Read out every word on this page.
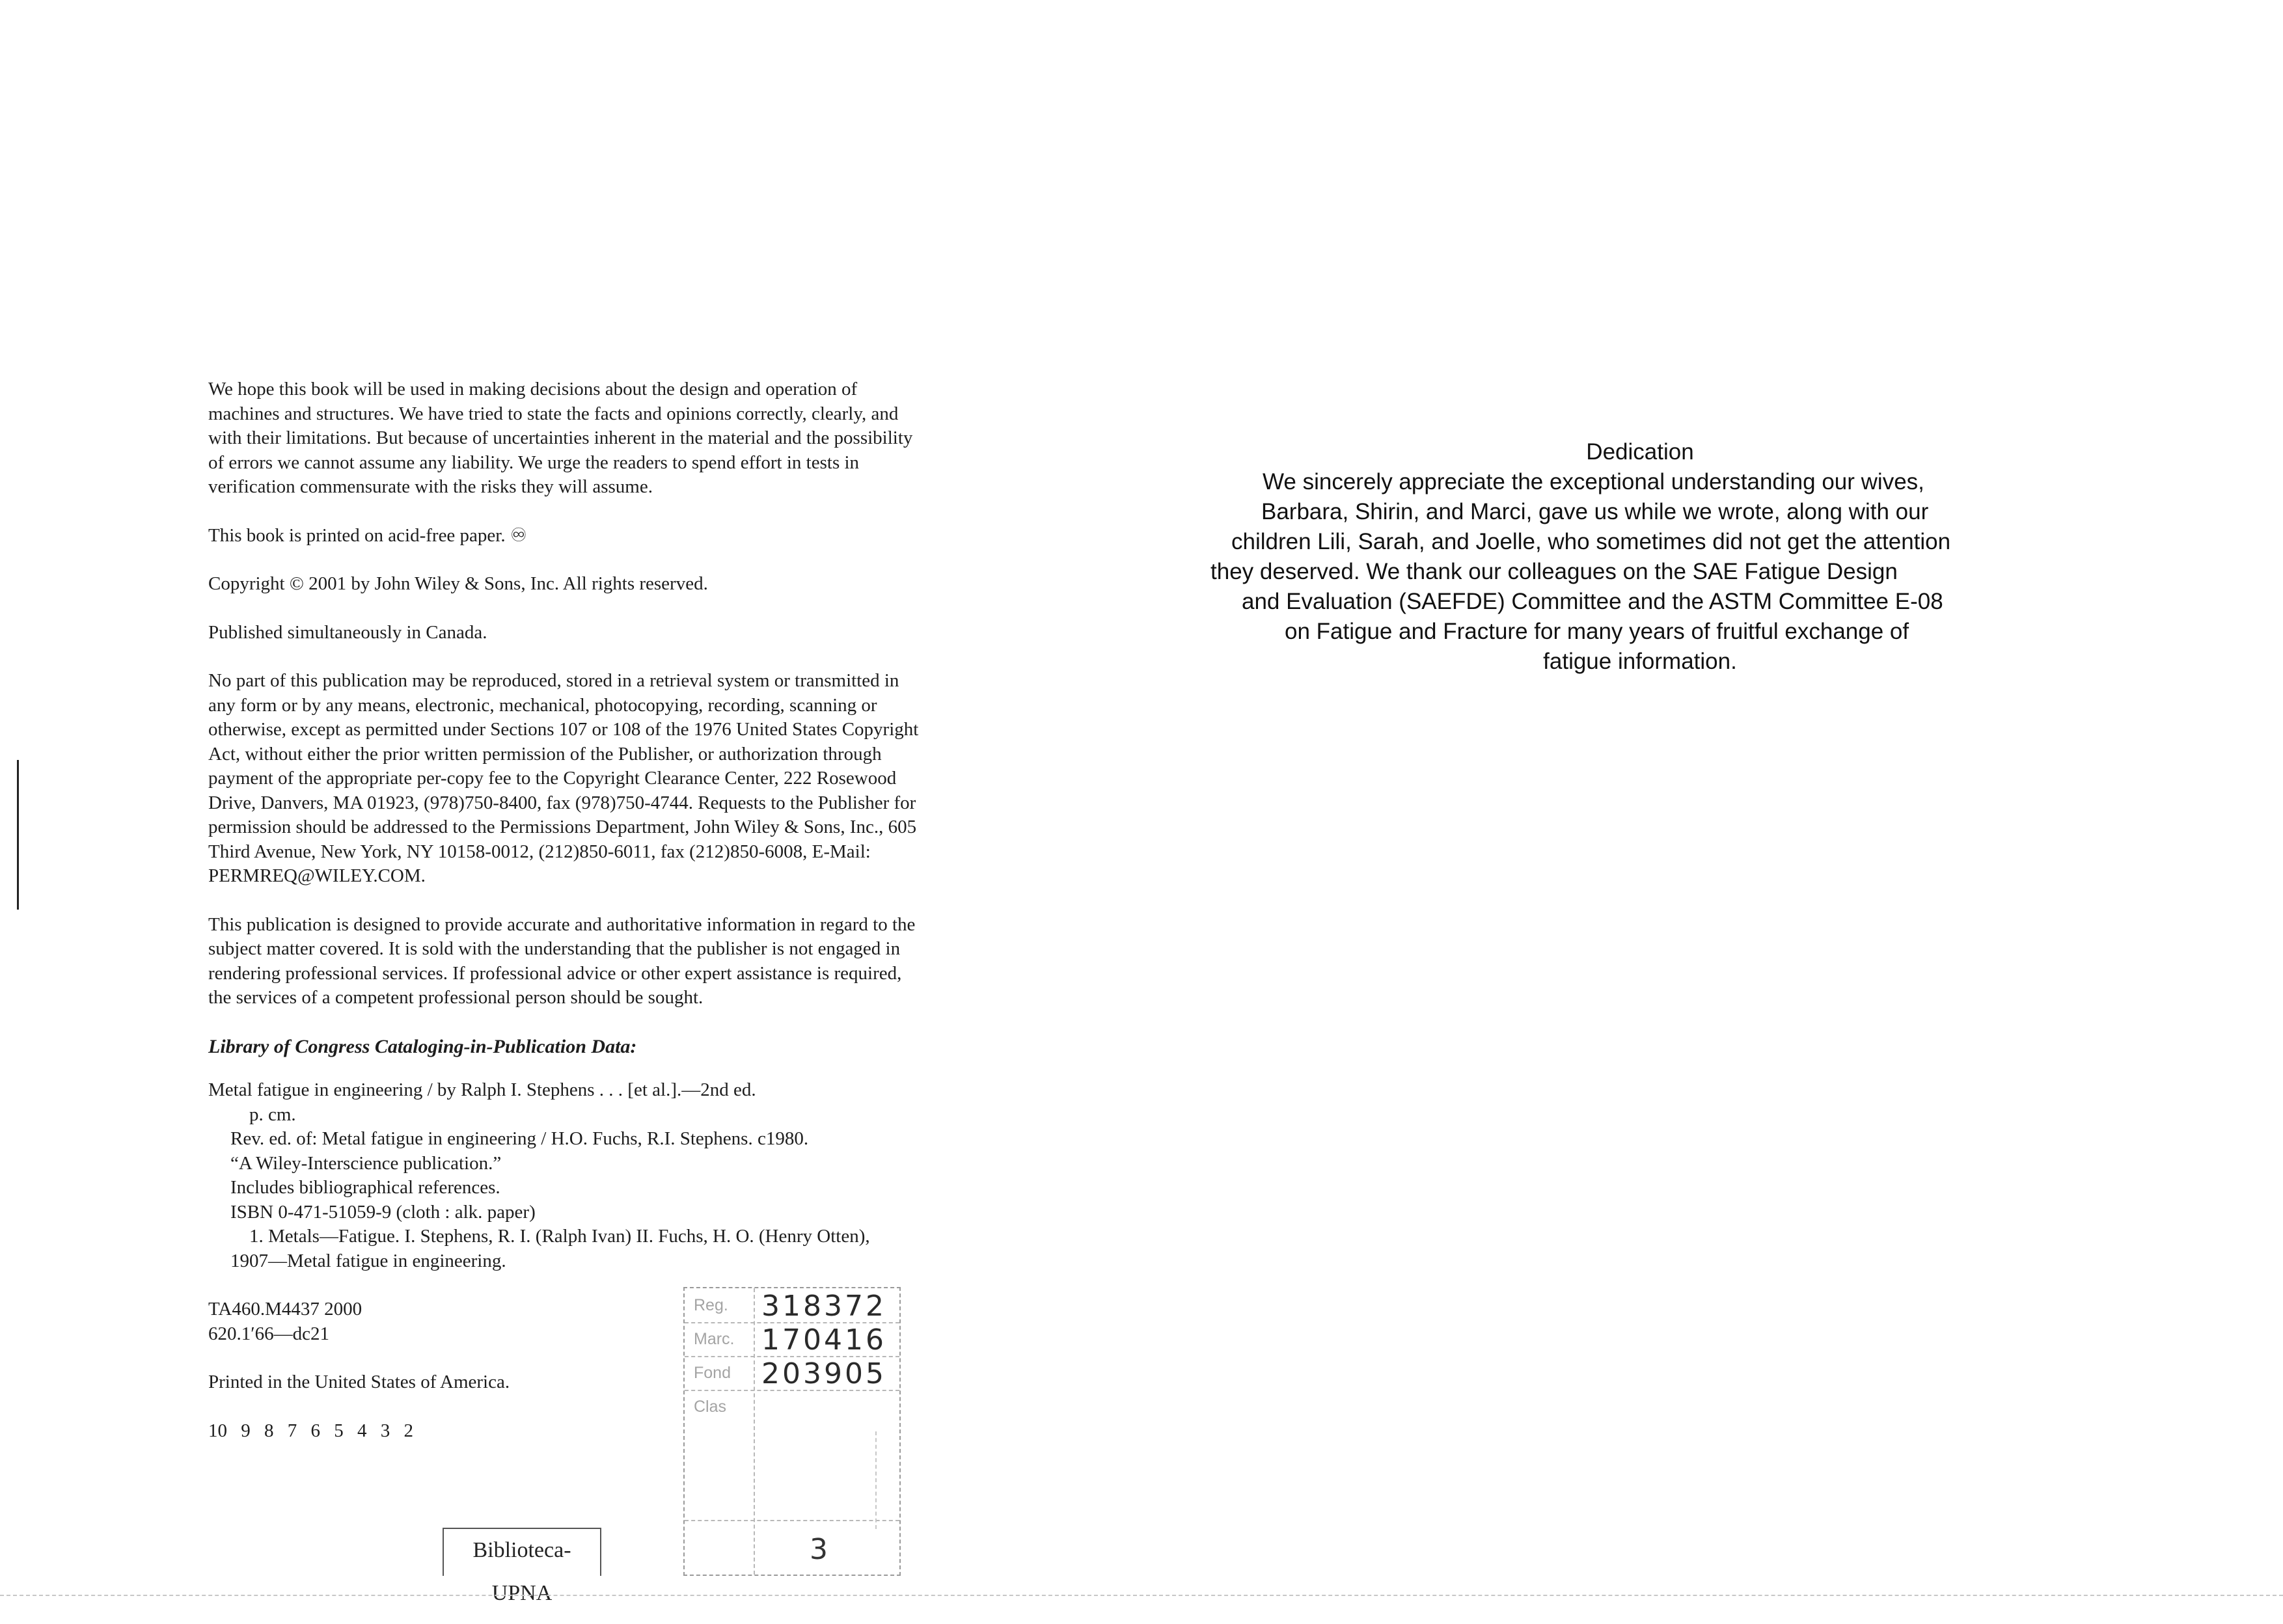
We hope this book will be used in making decisions about the design and operation of
machines and structures. We have tried to state the facts and opinions correctly, clearly, and
with their limitations. But because of uncertainties inherent in the material and the possibility
of errors we cannot assume any liability. We urge the readers to spend effort in tests in
verification commensurate with the risks they will assume.
This book is printed on acid-free paper. ♾
Copyright © 2001 by John Wiley & Sons, Inc. All rights reserved.
Published simultaneously in Canada.
No part of this publication may be reproduced, stored in a retrieval system or transmitted in
any form or by any means, electronic, mechanical, photocopying, recording, scanning or
otherwise, except as permitted under Sections 107 or 108 of the 1976 United States Copyright
Act, without either the prior written permission of the Publisher, or authorization through
payment of the appropriate per-copy fee to the Copyright Clearance Center, 222 Rosewood
Drive, Danvers, MA 01923, (978)750-8400, fax (978)750-4744. Requests to the Publisher for
permission should be addressed to the Permissions Department, John Wiley & Sons, Inc., 605
Third Avenue, New York, NY 10158-0012, (212)850-6011, fax (212)850-6008, E-Mail:
PERMREQ@WILEY.COM.
This publication is designed to provide accurate and authoritative information in regard to the
subject matter covered. It is sold with the understanding that the publisher is not engaged in
rendering professional services. If professional advice or other expert assistance is required,
the services of a competent professional person should be sought.
Library of Congress Cataloging-in-Publication Data:
Metal fatigue in engineering / by Ralph I. Stephens . . . [et al.].—2nd ed.
p. cm.
Rev. ed. of: Metal fatigue in engineering / H.O. Fuchs, R.I. Stephens. c1980.
“A Wiley-Interscience publication.”
Includes bibliographical references.
ISBN 0-471-51059-9 (cloth : alk. paper)
1. Metals—Fatigue. I. Stephens, R. I. (Ralph Ivan) II. Fuchs, H. O. (Henry Otten),
1907—Metal fatigue in engineering.
TA460.M4437 2000
620.1′66—dc21
Printed in the United States of America.
10 9 8 7 6 5 4 3 2
Dedication
We sincerely appreciate the exceptional understanding our wives,
Barbara, Shirin, and Marci, gave us while we wrote, along with our
children Lili, Sarah, and Joelle, who sometimes did not get the attention
they deserved. We thank our colleagues on the SAE Fatigue Design
and Evaluation (SAEFDE) Committee and the ASTM Committee E-08
on Fatigue and Fracture for many years of fruitful exchange of
fatigue information.
Reg. 318372
Marc. 170416
Fond 203905
Clas
3
Biblioteca-UPNA
